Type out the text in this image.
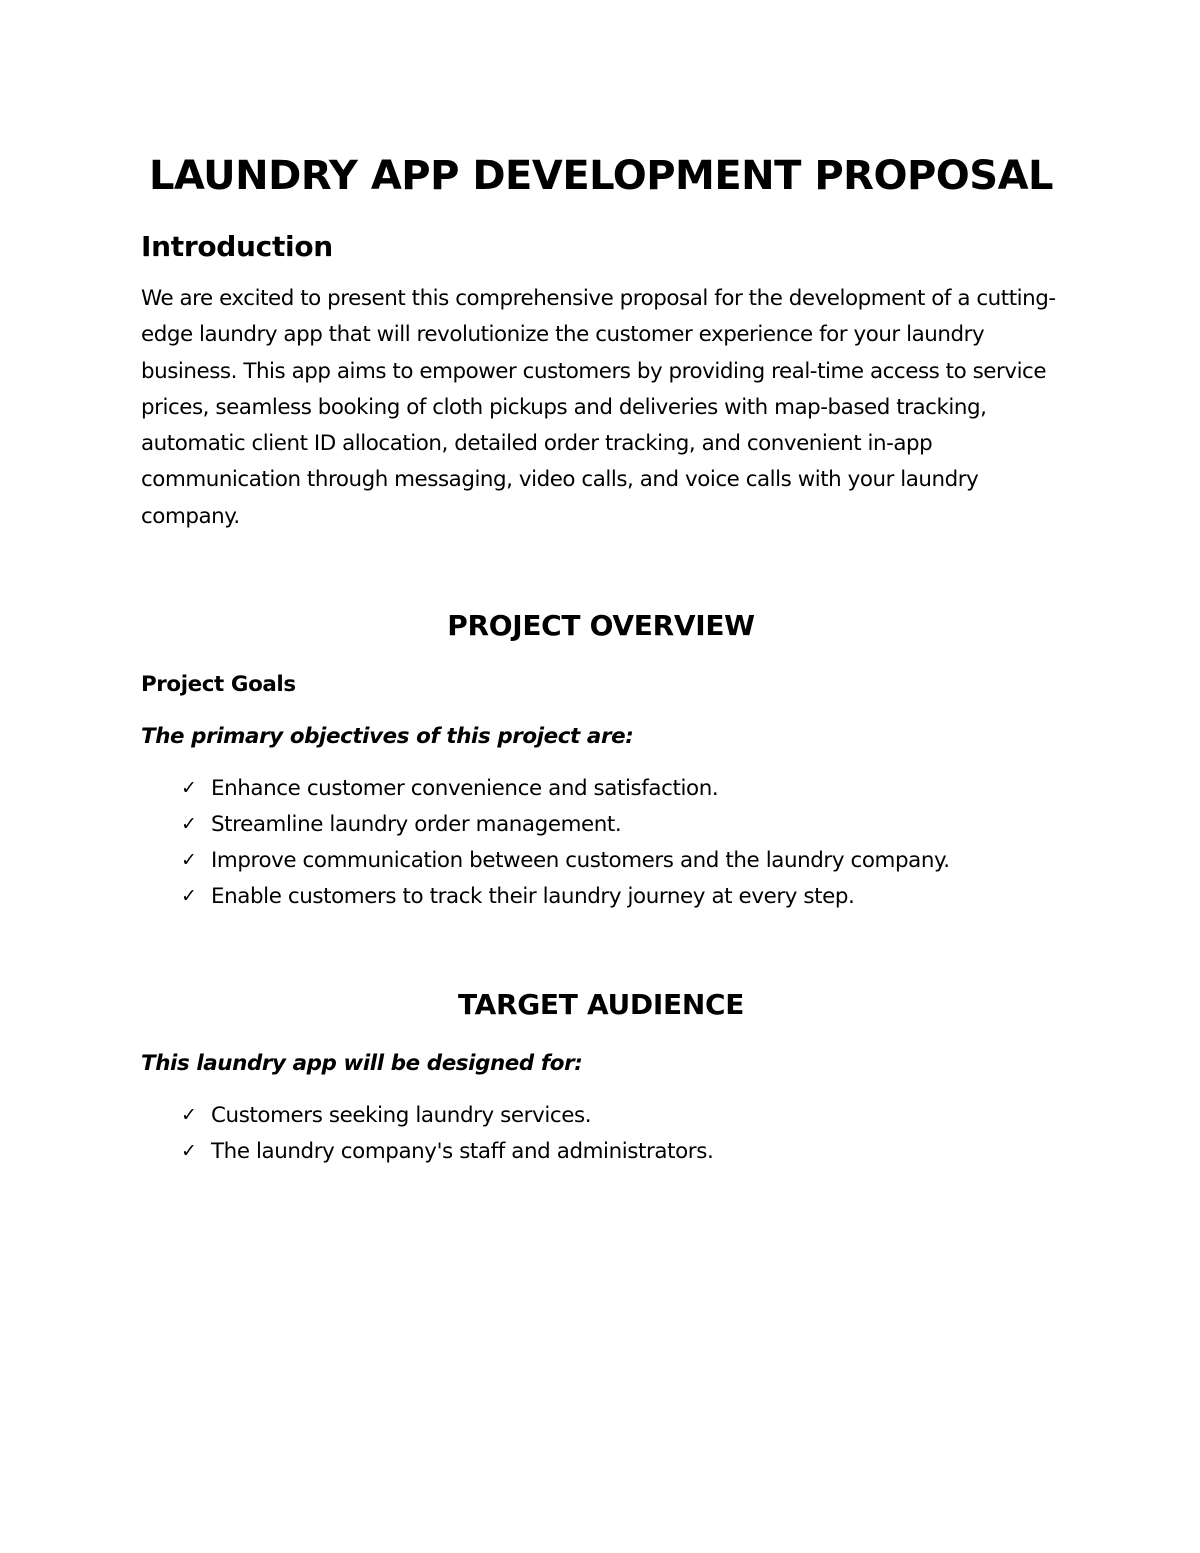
LAUNDRY APP DEVELOPMENT PROPOSAL
Introduction

We are excited to present this comprehensive proposal for the development of a cutting-edge laundry app that will revolutionize the customer experience for your laundry business. This app aims to empower customers by providing real-time access to service prices, seamless booking of cloth pickups and deliveries with map-based tracking, automatic client ID allocation, detailed order tracking, and convenient in-app communication through messaging, video calls, and voice calls with your laundry company.

PROJECT OVERVIEW
Project Goals

The primary objectives of this project are:

✓ Enhance customer convenience and satisfaction.
✓ Streamline laundry order management.
✓ Improve communication between customers and the laundry company.
✓ Enable customers to track their laundry journey at every step.
TARGET AUDIENCE

This laundry app will be designed for:

✓ Customers seeking laundry services.
✓ The laundry company's staff and administrators.
